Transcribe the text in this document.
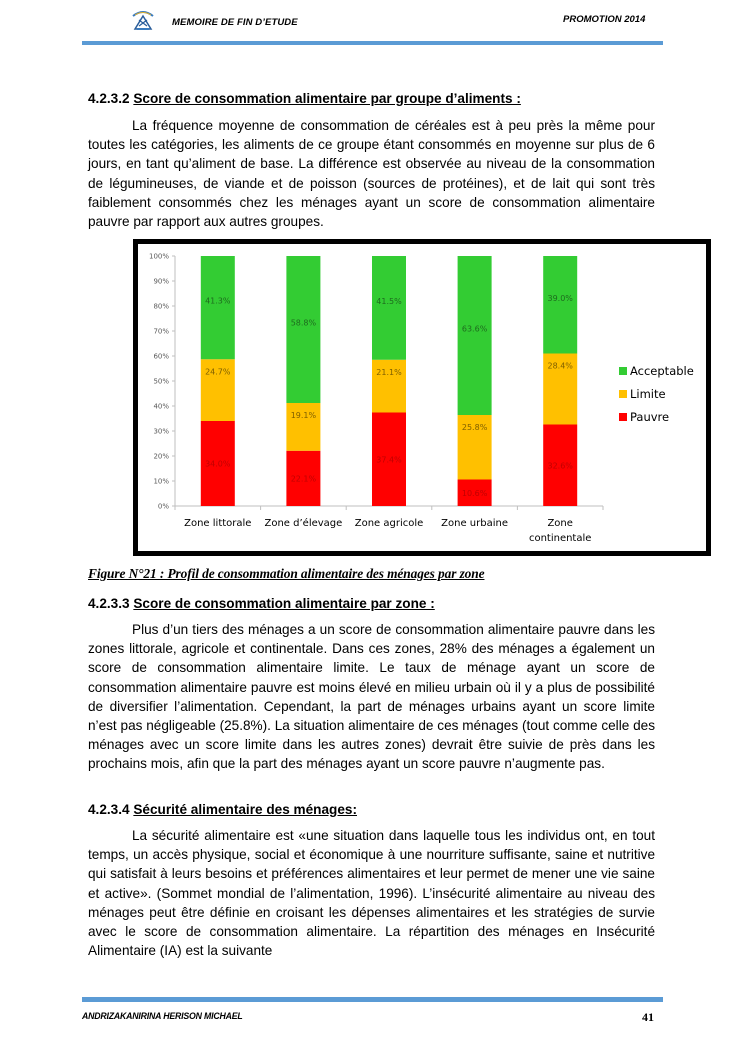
MEMOIRE DE FIN D’ETUDE	PROMOTION 2014
4.2.3.2 Score de consommation alimentaire par groupe d’aliments :

La fréquence moyenne de consommation de céréales est à peu près la même pour toutes les catégories, les aliments de ce groupe étant consommés en moyenne sur plus de 6 jours, en tant qu’aliment de base. La différence est observée au niveau de la consommation de légumineuses, de viande et de poisson (sources de protéines), et de lait qui sont très faiblement consommés chez les ménages ayant un score de consommation alimentaire pauvre par rapport aux autres groupes.

0%
10%
20%
30%
40%
50%
60%
70%
80%
90%
100%
34.0%
24.7%
41.3%
22.1%
19.1%
58.8%
37.4%
21.1%
41.5%
10.6%
25.8%
63.6%
32.6%
28.4%
39.0%
Zone littorale Zone d’élevage Zone agricole Zone urbaine	Zone
continentale
Acceptable
Limite
Pauvre
Figure N°21 : Profil de consommation alimentaire des ménages par zone
4.2.3.3 Score de consommation alimentaire par zone :

Plus d’un tiers des ménages a un score de consommation alimentaire pauvre dans les zones littorale, agricole et continentale. Dans ces zones, 28% des ménages a également un score de consommation alimentaire limite. Le taux de ménage ayant un score de consommation alimentaire pauvre est moins élevé en milieu urbain où il y a plus de possibilité de diversifier l’alimentation. Cependant, la part de ménages urbains ayant un score limite n’est pas négligeable (25.8%). La situation alimentaire de ces ménages (tout comme celle des ménages avec un score limite dans les autres zones) devrait être suivie de près dans les prochains mois, afin que la part des ménages ayant un score pauvre n’augmente pas.

4.2.3.4 Sécurité alimentaire des ménages:

La sécurité alimentaire est «une situation dans laquelle tous les individus ont, en tout temps, un accès physique, social et économique à une nourriture suffisante, saine et nutritive qui satisfait à leurs besoins et préférences alimentaires et leur permet de mener une vie saine et active». (Sommet mondial de l’alimentation, 1996). L’insécurité alimentaire au niveau des ménages peut être définie en croisant les dépenses alimentaires et les stratégies de survie avec le score de consommation alimentaire. La répartition des ménages en Insécurité Alimentaire (IA) est la suivante

ANDRIZAKANIRINA HERISON MICHAEL	41
